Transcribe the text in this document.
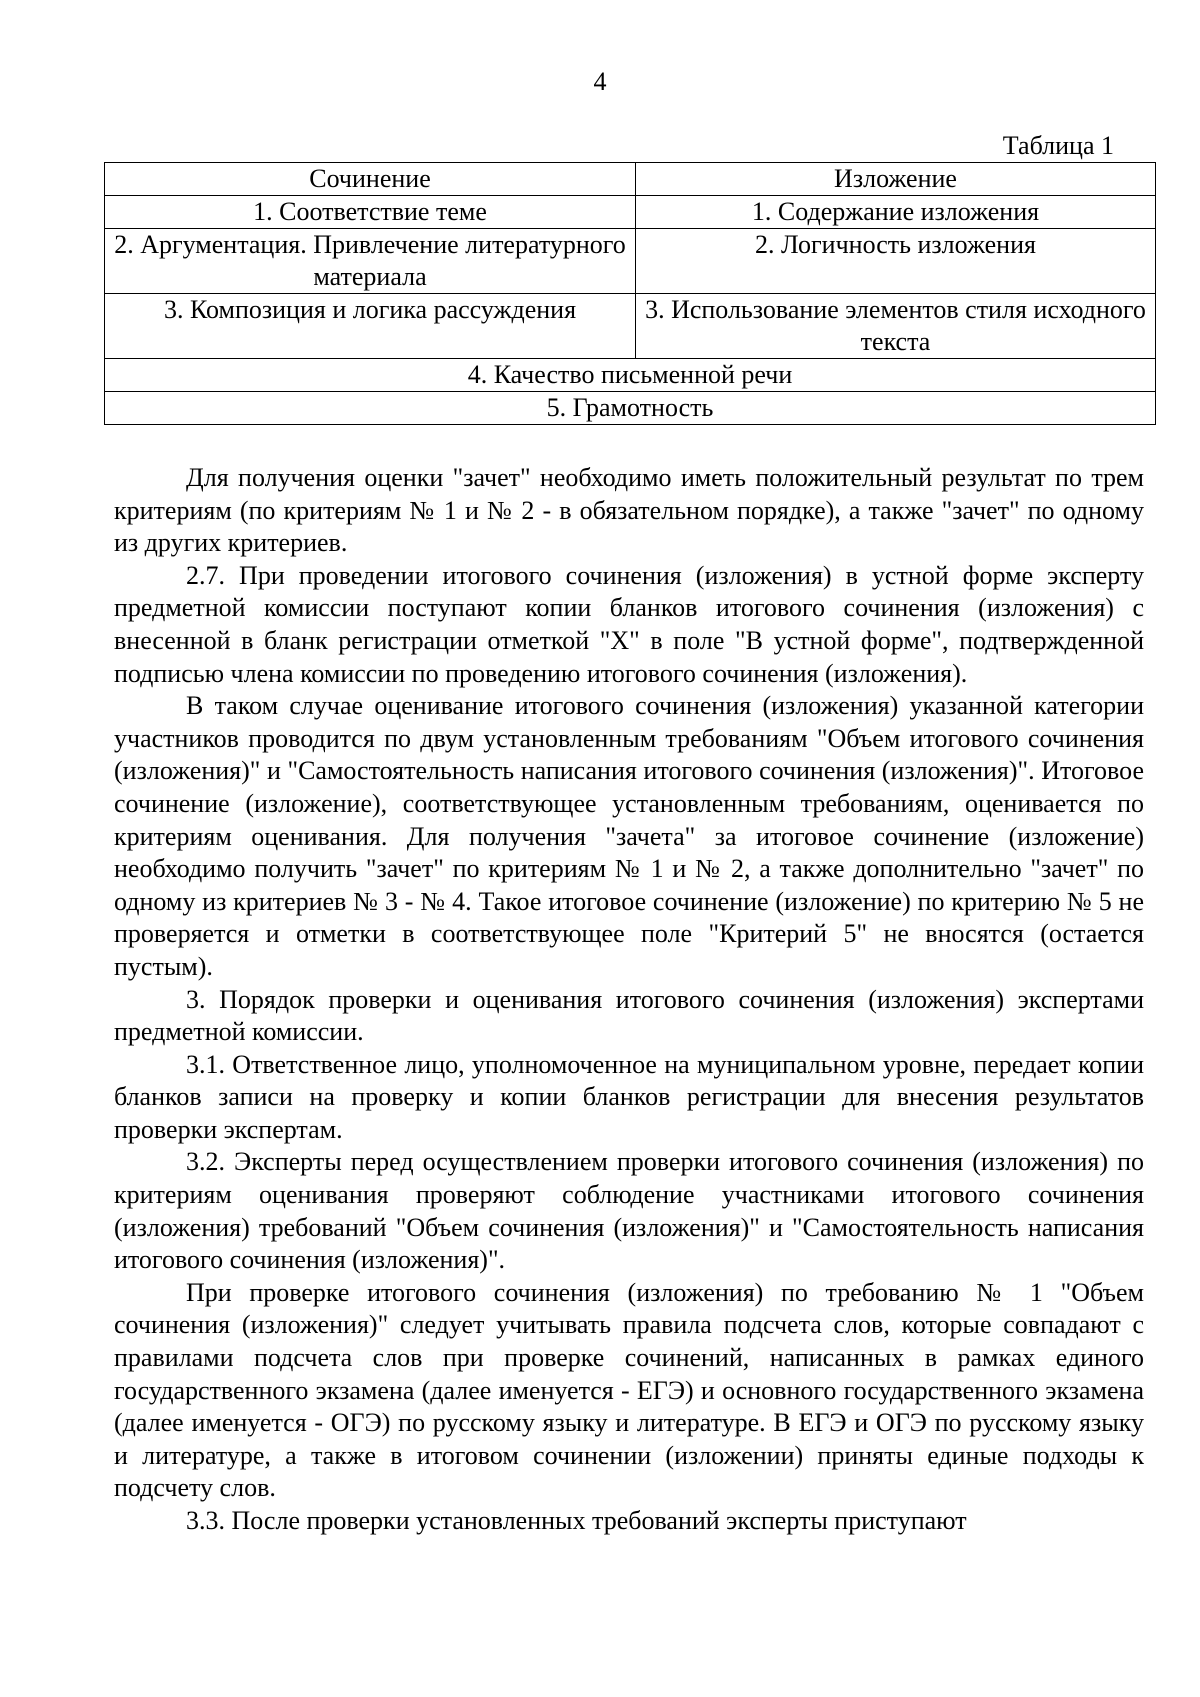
4
Таблица 1
Сочинение	Изложение
1. Соответствие теме	1. Содержание изложения
2. Аргументация. Привлечение литературного материала	2. Логичность изложения
3. Композиция и логика рассуждения	3. Использование элементов стиля исходного текста
4. Качество письменной речи	
5. Грамотность	

Для получения оценки "зачет" необходимо иметь положительный результат по трем критериям (по критериям № 1 и № 2 - в обязательном порядке), а также "зачет" по одному из других критериев.

2.7. При проведении итогового сочинения (изложения) в устной форме эксперту предметной комиссии поступают копии бланков итогового сочинения (изложения) с внесенной в бланк регистрации отметкой "X" в поле "В устной форме", подтвержденной подписью члена комиссии по проведению итогового сочинения (изложения).

В таком случае оценивание итогового сочинения (изложения) указанной категории участников проводится по двум установленным требованиям "Объем итогового сочинения (изложения)" и "Самостоятельность написания итогового сочинения (изложения)". Итоговое сочинение (изложение), соответствующее установленным требованиям, оценивается по критериям оценивания. Для получения "зачета" за итоговое сочинение (изложение) необходимо получить "зачет" по критериям № 1 и № 2, а также дополнительно "зачет" по одному из критериев № 3 - № 4. Такое итоговое сочинение (изложение) по критерию № 5 не проверяется и отметки в соответствующее поле "Критерий 5" не вносятся (остается пустым).

3. Порядок проверки и оценивания итогового сочинения (изложения) экспертами предметной комиссии.

3.1. Ответственное лицо, уполномоченное на муниципальном уровне, передает копии бланков записи на проверку и копии бланков регистрации для внесения результатов проверки экспертам.

3.2. Эксперты перед осуществлением проверки итогового сочинения (изложения) по критериям оценивания проверяют соблюдение участниками итогового сочинения (изложения) требований "Объем сочинения (изложения)" и "Самостоятельность написания итогового сочинения (изложения)".

При проверке итогового сочинения (изложения) по требованию № 1 "Объем сочинения (изложения)" следует учитывать правила подсчета слов, которые совпадают с правилами подсчета слов при проверке сочинений, написанных в рамках единого государственного экзамена (далее именуется - ЕГЭ) и основного государственного экзамена (далее именуется - ОГЭ) по русскому языку и литературе. В ЕГЭ и ОГЭ по русскому языку и литературе, а также в итоговом сочинении (изложении) приняты единые подходы к подсчету слов.

3.3. После проверки установленных требований эксперты приступают
